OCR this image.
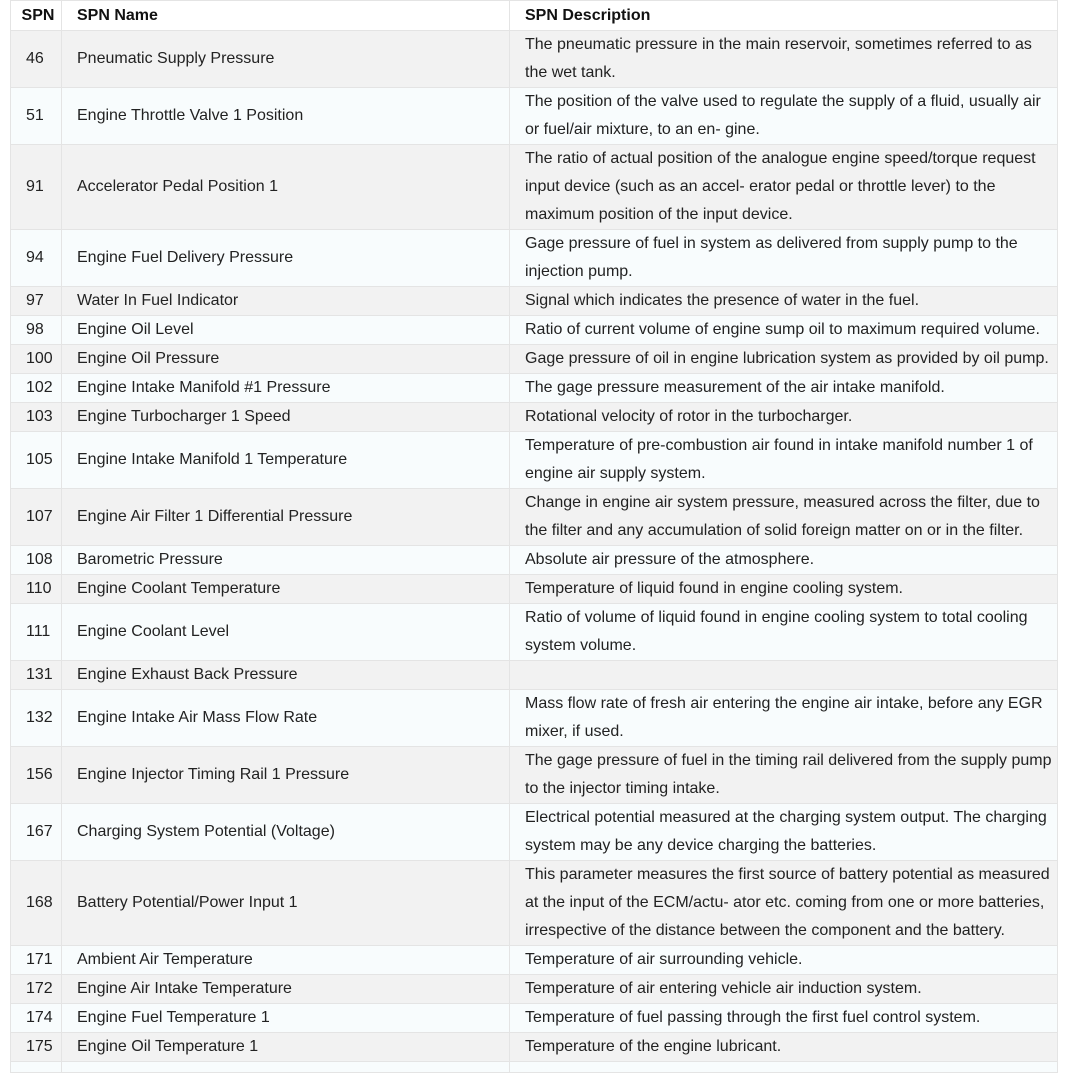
SPN	SPN Name	SPN Description
46	Pneumatic Supply Pressure	The pneumatic pressure in the main reservoir, sometimes referred to as the wet tank.
51	Engine Throttle Valve 1 Position	The position of the valve used to regulate the supply of a fluid, usually air or fuel/air mixture, to an en- gine.
91	Accelerator Pedal Position 1	The ratio of actual position of the analogue engine speed/torque request input device (such as an accel- erator pedal or throttle lever) to the maximum position of the input device.
94	Engine Fuel Delivery Pressure	Gage pressure of fuel in system as delivered from supply pump to the injection pump.
97	Water In Fuel Indicator	Signal which indicates the presence of water in the fuel.
98	Engine Oil Level	Ratio of current volume of engine sump oil to maximum required volume.
100	Engine Oil Pressure	Gage pressure of oil in engine lubrication system as provided by oil pump.
102	Engine Intake Manifold #1 Pressure	The gage pressure measurement of the air intake manifold.
103	Engine Turbocharger 1 Speed	Rotational velocity of rotor in the turbocharger.
105	Engine Intake Manifold 1 Temperature	Temperature of pre-combustion air found in intake manifold number 1 of engine air supply system.
107	Engine Air Filter 1 Differential Pressure	Change in engine air system pressure, measured across the filter, due to the filter and any accumulation of solid foreign matter on or in the filter.
108	Barometric Pressure	Absolute air pressure of the atmosphere.
110	Engine Coolant Temperature	Temperature of liquid found in engine cooling system.
111	Engine Coolant Level	Ratio of volume of liquid found in engine cooling system to total cooling system volume.
131	Engine Exhaust Back Pressure	
132	Engine Intake Air Mass Flow Rate	Mass flow rate of fresh air entering the engine air intake, before any EGR mixer, if used.
156	Engine Injector Timing Rail 1 Pressure	The gage pressure of fuel in the timing rail delivered from the supply pump to the injector timing intake.
167	Charging System Potential (Voltage)	Electrical potential measured at the charging system output. The charging system may be any device charging the batteries.
168	Battery Potential/Power Input 1	This parameter measures the first source of battery potential as measured at the input of the ECM/actu- ator etc. coming from one or more batteries, irrespective of the distance between the component and the battery.
171	Ambient Air Temperature	Temperature of air surrounding vehicle.
172	Engine Air Intake Temperature	Temperature of air entering vehicle air induction system.
174	Engine Fuel Temperature 1	Temperature of fuel passing through the first fuel control system.
175	Engine Oil Temperature 1	Temperature of the engine lubricant.
